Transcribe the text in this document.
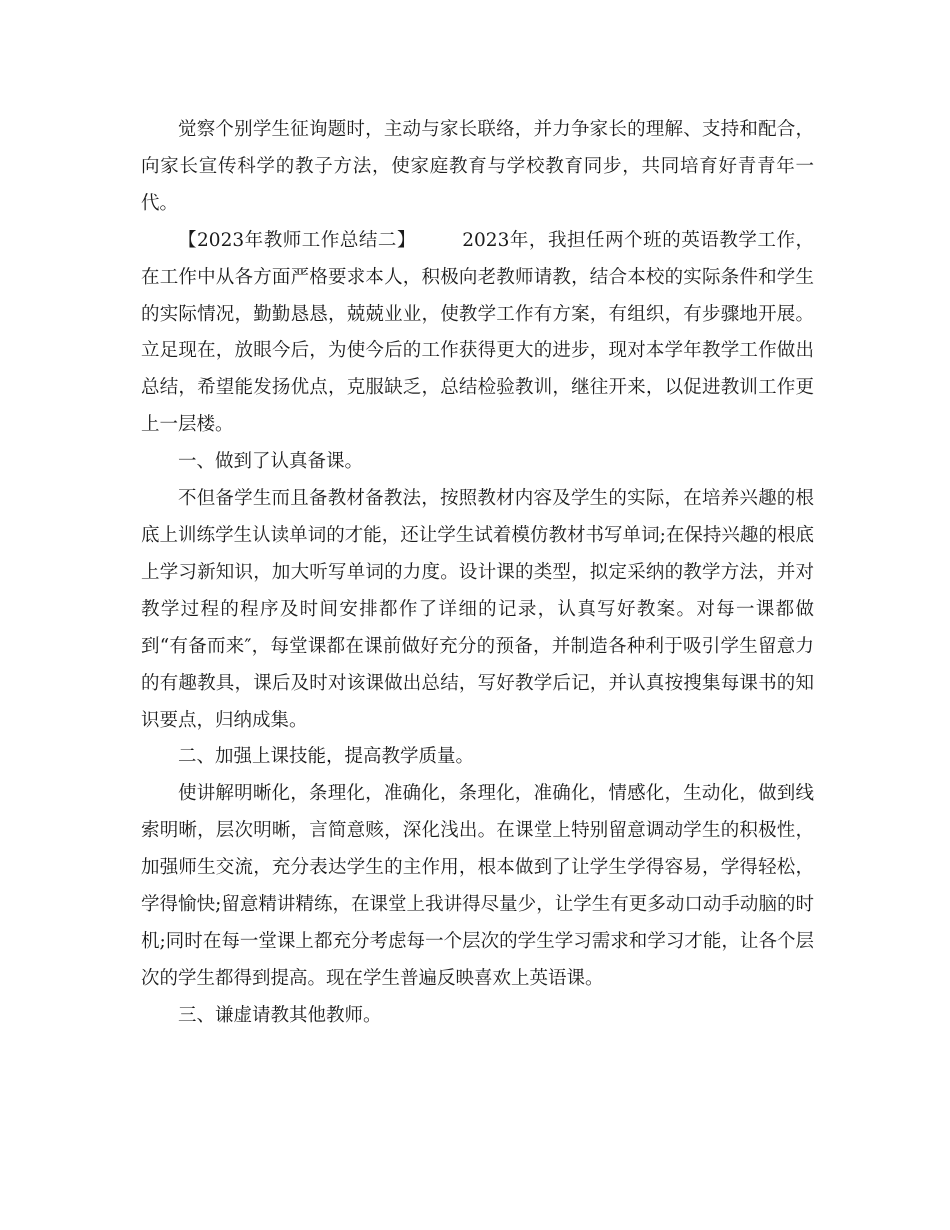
觉察个别学生征询题时，主动与家长联络，并力争家长的理解、支持和配合，向家长宣传科学的教子方法，使家庭教育与学校教育同步，共同培育好青青年一代。

【2023年教师工作总结二】	2023年，我担任两个班的英语教学工作，在工作中从各方面严格要求本人，积极向老教师请教，结合本校的实际条件和学生的实际情况，勤勤恳恳，兢兢业业，使教学工作有方案，有组织，有步骤地开展。立足现在，放眼今后，为使今后的工作获得更大的进步，现对本学年教学工作做出总结，希望能发扬优点，克服缺乏，总结检验教训，继往开来，以促进教训工作更上一层楼。

一、做到了认真备课。

不但备学生而且备教材备教法，按照教材内容及学生的实际，在培养兴趣的根底上训练学生认读单词的才能，还让学生试着模仿教材书写单词;在保持兴趣的根底上学习新知识，加大听写单词的力度。设计课的类型，拟定采纳的教学方法，并对教学过程的程序及时间安排都作了详细的记录，认真写好教案。对每一课都做到“有备而来″，每堂课都在课前做好充分的预备，并制造各种利于吸引学生留意力的有趣教具，课后及时对该课做出总结，写好教学后记，并认真按搜集每课书的知识要点，归纳成集。

二、加强上课技能，提高教学质量。

使讲解明晰化，条理化，准确化，条理化，准确化，情感化，生动化，做到线索明晰，层次明晰，言简意赅，深化浅出。在课堂上特别留意调动学生的积极性，加强师生交流，充分表达学生的主作用，根本做到了让学生学得容易，学得轻松，学得愉快;留意精讲精练，在课堂上我讲得尽量少，让学生有更多动口动手动脑的时机;同时在每一堂课上都充分考虑每一个层次的学生学习需求和学习才能，让各个层次的学生都得到提高。现在学生普遍反映喜欢上英语课。

三、谦虚请教其他教师。
